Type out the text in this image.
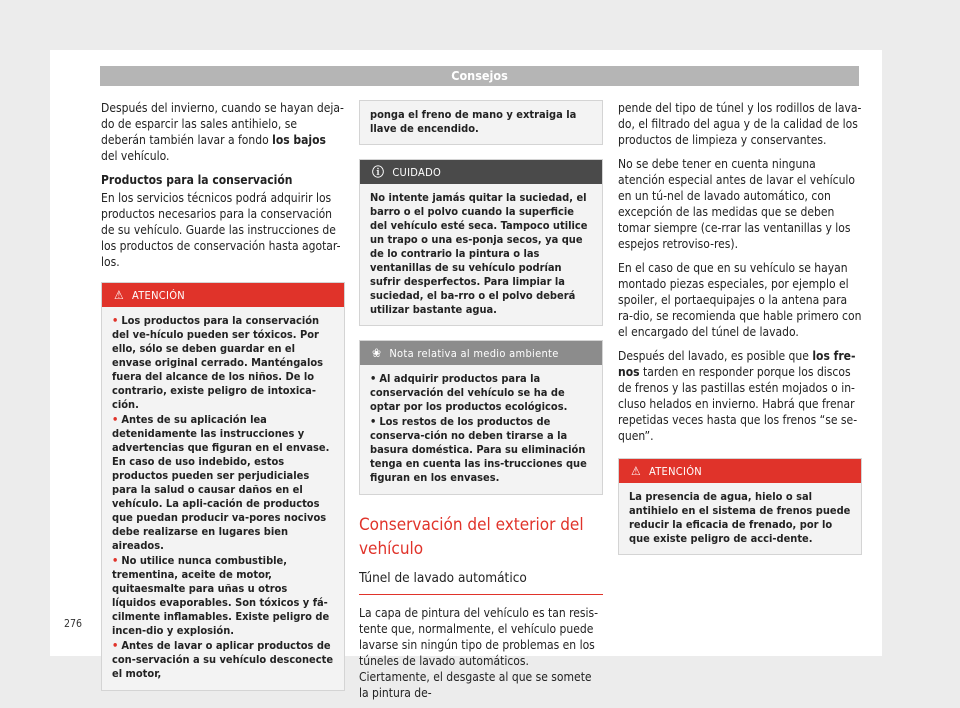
Consejos

Después del invierno, cuando se hayan deja-do de esparcir las sales antihielo, se deberán también lavar a fondo los bajos del vehículo.

Productos para la conservación

En los servicios técnicos podrá adquirir los productos necesarios para la conservación de su vehículo. Guarde las instrucciones de los productos de conservación hasta agotar-los.

⚠ ATENCIÓN
• Los productos para la conservación del ve-hículo pueden ser tóxicos. Por ello, sólo se deben guardar en el envase original cerrado. Manténgalos fuera del alcance de los niños. De lo contrario, existe peligro de intoxica-ción.
• Antes de su aplicación lea detenidamente las instrucciones y advertencias que figuran en el envase. En caso de uso indebido, estos productos pueden ser perjudiciales para la salud o causar daños en el vehículo. La apli-cación de productos que puedan producir va-pores nocivos debe realizarse en lugares bien aireados.
• No utilice nunca combustible, trementina, aceite de motor, quitaesmalte para uñas u otros líquidos evaporables. Son tóxicos y fá-cilmente inflamables. Existe peligro de incen-dio y explosión.
• Antes de lavar o aplicar productos de con-servación a su vehículo desconecte el motor,
ponga el freno de mano y extraiga la llave de encendido.
ⓘ CUIDADO
No intente jamás quitar la suciedad, el barro o el polvo cuando la superficie del vehículo esté seca. Tampoco utilice un trapo o una es-ponja secos, ya que de lo contrario la pintura o las ventanillas de su vehículo podrían sufrir desperfectos. Para limpiar la suciedad, el ba-rro o el polvo deberá utilizar bastante agua.
❀ Nota relativa al medio ambiente
• Al adquirir productos para la conservación del vehículo se ha de optar por los productos ecológicos.
• Los restos de los productos de conserva-ción no deben tirarse a la basura doméstica. Para su eliminación tenga en cuenta las ins-trucciones que figuran en los envases.
Conservación del exterior del vehículo
Túnel de lavado automático

La capa de pintura del vehículo es tan resis-tente que, normalmente, el vehículo puede lavarse sin ningún tipo de problemas en los túneles de lavado automáticos. Ciertamente, el desgaste al que se somete la pintura de-

pende del tipo de túnel y los rodillos de lava-do, el filtrado del agua y de la calidad de los productos de limpieza y conservantes.

No se debe tener en cuenta ninguna atención especial antes de lavar el vehículo en un tú-nel de lavado automático, con excepción de las medidas que se deben tomar siempre (ce-rrar las ventanillas y los espejos retroviso-res).

En el caso de que en su vehículo se hayan montado piezas especiales, por ejemplo el spoiler, el portaequipajes o la antena para ra-dio, se recomienda que hable primero con el encargado del túnel de lavado.

Después del lavado, es posible que los fre-nos tarden en responder porque los discos de frenos y las pastillas estén mojados o in-cluso helados en invierno. Habrá que frenar repetidas veces hasta que los frenos “se se-quen”.

⚠ ATENCIÓN
La presencia de agua, hielo o sal antihielo en el sistema de frenos puede reducir la eficacia de frenado, por lo que existe peligro de acci-dente.
276
